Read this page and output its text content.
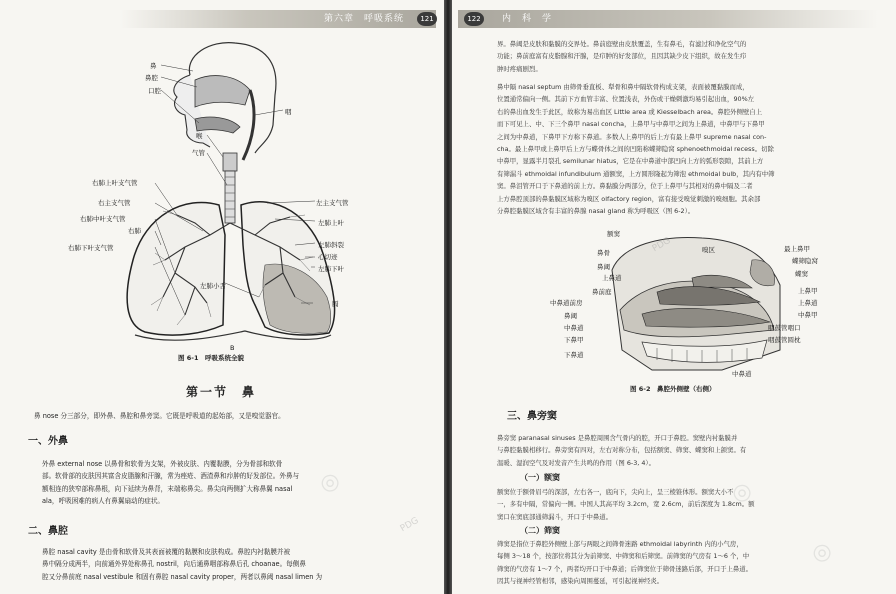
第六章　 呼吸系统	121
鼻
鼻腔
口腔
咽
喉
气管
右肺上叶支气管
右主支气管
右肺中叶支气管
右肺
右肺下叶支气管
左主支气管
左肺上叶
左肺斜裂
心切迹
左肺下叶
左肺小舌
膈
B
图 6-1　呼吸系统全貌
第一节　鼻
鼻 nose 分三部分，即外鼻、鼻腔和鼻旁窦。它既是呼吸道的起始部，又是嗅觉器官。
一、外鼻
外鼻 external nose 以鼻骨和软骨为支架，外被皮肤、内覆黏膜，分为骨部和软骨
部。软骨部的皮肤因其富含皮脂腺和汗腺，常为痤疮、酒渣鼻和疖肿的好发部位。外鼻与
额相连的狭窄部称鼻根，向下延续为鼻背，末端称鼻尖。鼻尖向两侧扩大称鼻翼 nasal
ala，呼吸困难的病人有鼻翼扇动的症状。
二、鼻腔
鼻腔 nasal cavity 是由骨和软骨及其表面被覆的黏膜和皮肤构成。鼻腔内衬黏膜并被
鼻中隔分成两半，向前通外界处称鼻孔 nostril，向后通鼻咽部称鼻后孔 choanae。每侧鼻
腔又分鼻前庭 nasal vestibule 和固有鼻腔 nasal cavity proper，两者以鼻阈 nasal limen 为
◎
PDG
内　科　学
122
界。鼻阈是皮肤和黏膜的交界处。鼻前庭壁由皮肤覆盖，生有鼻毛，有滤过和净化空气的
功能；鼻前庭富有皮脂腺和汗腺，是疖肿的好发部位，且因其缺少皮下组织，故在发生疖
肿时疼痛剧烈。
鼻中隔 nasal septum 由筛骨垂直板、犁骨和鼻中隔软骨构成支架，表面被覆黏膜而成，
位置通常偏向一侧。其前下方血管丰富、位置浅表，外伤或干燥刺激均易引起出血，90%左
右的鼻出血发生于此区，故称为易出血区 Little area 或 Kiesselbach area。鼻腔外侧壁自上
而下可见上、中、下三个鼻甲 nasal concha，上鼻甲与中鼻甲之间为上鼻道，中鼻甲与下鼻甲
之间为中鼻道，下鼻甲下方称下鼻道。多数人上鼻甲的后上方有最上鼻甲 supreme nasal con-
cha。最上鼻甲或上鼻甲后上方与蝶骨体之间的凹陷称蝶筛隐窝 sphenoethmoidal recess。切除
中鼻甲，显露半月裂孔 semilunar hiatus，它是在中鼻道中部凹向上方的弧形裂隙，其前上方
有筛漏斗 ethmoidal infundibulum 通额窦，上方圆形隆起为筛泡 ethmoidal bulb，其内有中筛
窦。鼻泪管开口于下鼻道的前上方。鼻黏膜分两部分，位于上鼻甲与其相对的鼻中隔及二者
上方鼻腔顶部的鼻黏膜区域称为嗅区 olfactory region，富有接受嗅觉刺激的嗅细胞。其余部
分鼻腔黏膜区域含有丰富的鼻腺 nasal gland 称为呼吸区（图 6-2）。
额窦
嗅区	最上鼻甲
蝶筛隐窝
蝶窦
鼻骨
鼻阈
上鼻道
上鼻甲
上鼻道
鼻前庭
中鼻道前房
中鼻甲
鼻阈
中鼻道
下鼻甲
咽鼓管咽口
下鼻道
咽鼓管圆枕
中鼻道
图 6-2　鼻腔外侧壁（右侧）
三、鼻旁窦
鼻旁窦 paranasal sinuses 是鼻腔周围含气骨内的腔，开口于鼻腔。窦壁内衬黏膜并
与鼻腔黏膜相移行。鼻旁窦有四对，左右对称分布，包括额窦、筛窦、蝶窦和上颌窦。有
温暖、湿润空气及对发音产生共鸣的作用（图 6-3, 4）。
（一）额窦
额窦位于额骨眉弓的深部，左右各一，底向下，尖向上，呈三棱锥体形。额窦大小不
一，多有中隔，常偏向一侧。中国人其高平均 3.2cm，宽 2.6cm，前后深度为 1.8cm。额
窦口在窦底部通筛漏斗，开口于中鼻道。
（二）筛窦
筛窦是指位于鼻腔外侧壁上部与两眼之间筛骨迷路 ethmoidal labyrinth 内的小气房，
每侧 3～18 个，按部位将其分为前筛窦、中筛窦和后筛窦。前筛窦的气房有 1～6 个，中
筛窦的气房有 1～7 个，两者均开口于中鼻道；后筛窦位于筛骨迷路后部，开口于上鼻道。
因其与视神经管相邻，感染向周围蔓延，可引起视神经炎。
◎
◎
PDG
